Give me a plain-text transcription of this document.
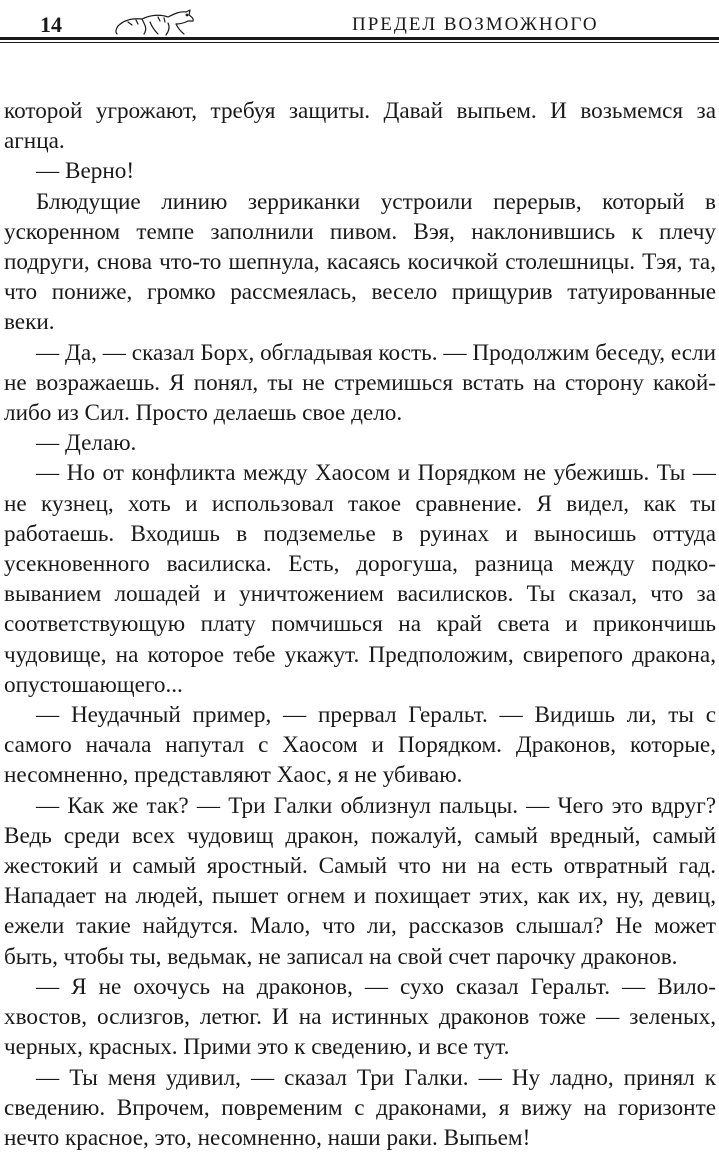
14	ПРЕДЕЛ ВОЗМОЖНОГО

которой угрожают, требуя защиты. Давай выпьем. И возьмемся за агнца.

— Верно!

Блюдущие линию зерриканки устроили перерыв, который в ускоренном темпе заполнили пивом. Вэя, наклонившись к плечу подруги, снова что-то шепнула, касаясь косичкой столешницы. Тэя, та, что пониже, громко рассмеялась, весело прищурив татуированные веки.

— Да, — сказал Борх, обгладывая кость. — Продолжим беседу, если не возражаешь. Я понял, ты не стремишься встать на сторону какой-либо из Сил. Просто делаешь свое дело.

— Делаю.

— Но от конфликта между Хаосом и Порядком не убежишь. Ты — не кузнец, хоть и использовал такое сравнение. Я видел, как ты работаешь. Входишь в подземелье в руинах и выносишь оттуда усекновенного василиска. Есть, дорогуша, разница между подковыванием лошадей и уничтожением василисков. Ты сказал, что за соответствующую плату помчишься на край света и прикончишь чудовище, на которое тебе укажут. Предположим, свирепого дракона, опустошающего...

— Неудачный пример, — прервал Геральт. — Видишь ли, ты с самого начала напутал с Хаосом и Порядком. Драконов, которые, несомненно, представляют Хаос, я не убиваю.

— Как же так? — Три Галки облизнул пальцы. — Чего это вдруг? Ведь среди всех чудовищ дракон, пожалуй, самый вредный, самый жестокий и самый яростный. Самый что ни на есть отвратный гад. Нападает на людей, пышет огнем и похищает этих, как их, ну, девиц, ежели такие найдутся. Мало, что ли, рассказов слышал? Не может быть, чтобы ты, ведьмак, не записал на свой счет парочку драконов.

— Я не охочусь на драконов, — сухо сказал Геральт. — Вилохвостов, ослизгов, летюг. И на истинных драконов тоже — зеленых, черных, красных. Прими это к сведению, и все тут.

— Ты меня удивил, — сказал Три Галки. — Ну ладно, принял к сведению. Впрочем, повременим с драконами, я вижу на горизонте нечто красное, это, несомненно, наши раки. Выпьем!
